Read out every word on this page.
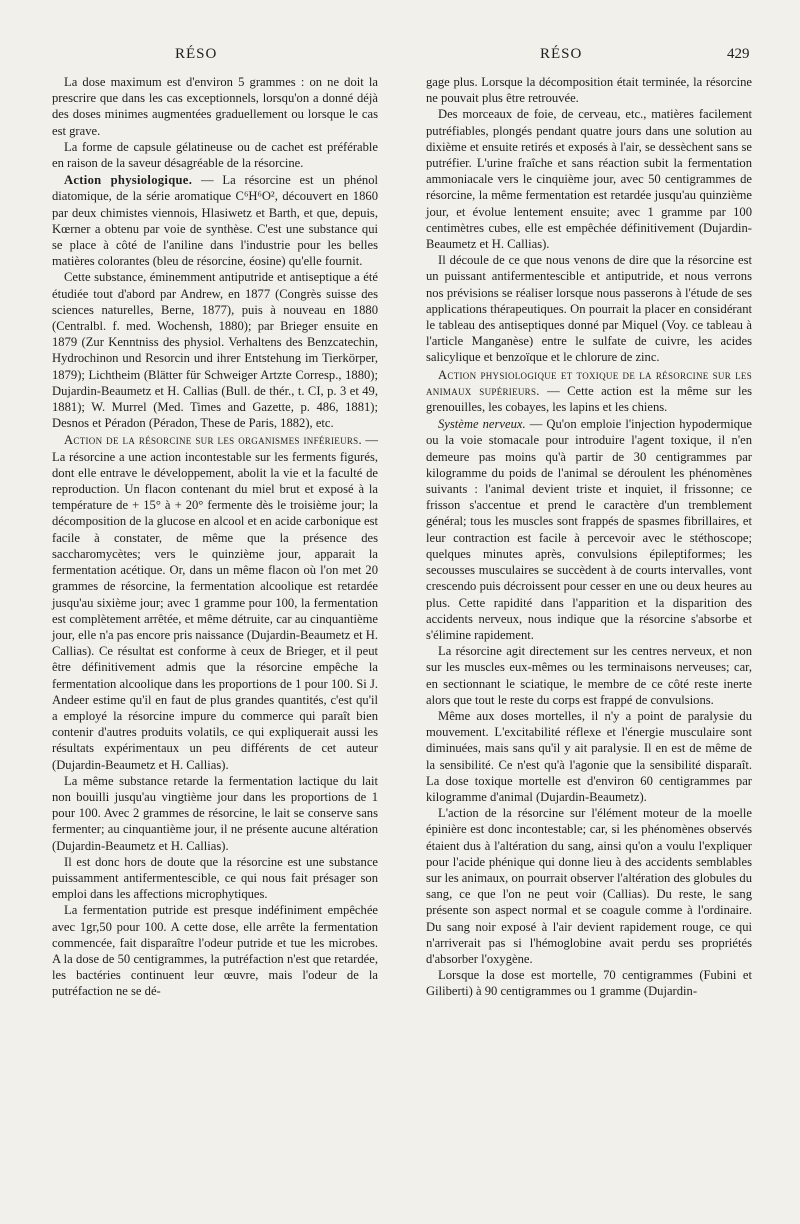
RÉSO	RÉSO	429

La dose maximum est d'environ 5 grammes : on ne doit la prescrire que dans les cas exceptionnels, lorsqu'on a donné déjà des doses minimes augmentées graduellement ou lorsque le cas est grave.

La forme de capsule gélatineuse ou de cachet est préférable en raison de la saveur désagréable de la résorcine.

Action physiologique. — La résorcine est un phénol diatomique, de la série aromatique C⁶H⁶O², découvert en 1860 par deux chimistes viennois, Hlasiwetz et Barth, et que, depuis, Kœrner a obtenu par voie de synthèse. C'est une substance qui se place à côté de l'aniline dans l'industrie pour les belles matières colorantes (bleu de résorcine, éosine) qu'elle fournit.

Cette substance, éminemment antiputride et antiseptique a été étudiée tout d'abord par Andrew, en 1877 (Congrès suisse des sciences naturelles, Berne, 1877), puis à nouveau en 1880 (Centralbl. f. med. Wochensh, 1880); par Brieger ensuite en 1879 (Zur Kenntniss des physiol. Verhaltens des Benzcatechin, Hydrochinon und Resorcin und ihrer Entstehung im Tierkörper, 1879); Lichtheim (Blätter für Schweiger Artzte Corresp., 1880); Dujardin-Beaumetz et H. Callias (Bull. de thér., t. CI, p. 3 et 49, 1881); W. Murrel (Med. Times and Gazette, p. 486, 1881); Desnos et Péradon (Péradon, These de Paris, 1882), etc.

Action de la résorcine sur les organismes inférieurs. — La résorcine a une action incontestable sur les ferments figurés, dont elle entrave le développement, abolit la vie et la faculté de reproduction. Un flacon contenant du miel brut et exposé à la température de + 15° à + 20° fermente dès le troisième jour; la décomposition de la glucose en alcool et en acide carbonique est facile à constater, de même que la présence des saccharomycètes; vers le quinzième jour, apparait la fermentation acétique. Or, dans un même flacon où l'on met 20 grammes de résorcine, la fermentation alcoolique est retardée jusqu'au sixième jour; avec 1 gramme pour 100, la fermentation est complètement arrêtée, et même détruite, car au cinquantième jour, elle n'a pas encore pris naissance (Dujardin-Beaumetz et H. Callias). Ce résultat est conforme à ceux de Brieger, et il peut être définitivement admis que la résorcine empêche la fermentation alcoolique dans les proportions de 1 pour 100. Si J. Andeer estime qu'il en faut de plus grandes quantités, c'est qu'il a employé la résorcine impure du commerce qui paraît bien contenir d'autres produits volatils, ce qui expliquerait aussi les résultats expérimentaux un peu différents de cet auteur (Dujardin-Beaumetz et H. Callias).

La même substance retarde la fermentation lactique du lait non bouilli jusqu'au vingtième jour dans les proportions de 1 pour 100. Avec 2 grammes de résorcine, le lait se conserve sans fermenter; au cinquantième jour, il ne présente aucune altération (Dujardin-Beaumetz et H. Callias).

Il est donc hors de doute que la résorcine est une substance puissamment antifermentescible, ce qui nous fait présager son emploi dans les affections microphytiques.

La fermentation putride est presque indéfiniment empêchée avec 1gr,50 pour 100. A cette dose, elle arrête la fermentation commencée, fait disparaître l'odeur putride et tue les microbes. A la dose de 50 centigrammes, la putréfaction n'est que retardée, les bactéries continuent leur œuvre, mais l'odeur de la putréfaction ne se dé-

gage plus. Lorsque la décomposition était terminée, la résorcine ne pouvait plus être retrouvée.

Des morceaux de foie, de cerveau, etc., matières facilement putréfiables, plongés pendant quatre jours dans une solution au dixième et ensuite retirés et exposés à l'air, se dessèchent sans se putréfier. L'urine fraîche et sans réaction subit la fermentation ammoniacale vers le cinquième jour, avec 50 centigrammes de résorcine, la même fermentation est retardée jusqu'au quinzième jour, et évolue lentement ensuite; avec 1 gramme par 100 centimètres cubes, elle est empêchée définitivement (Dujardin-Beaumetz et H. Callias).

Il découle de ce que nous venons de dire que la résorcine est un puissant antifermentescible et antiputride, et nous verrons nos prévisions se réaliser lorsque nous passerons à l'étude de ses applications thérapeutiques. On pourrait la placer en considérant le tableau des antiseptiques donné par Miquel (Voy. ce tableau à l'article Manganèse) entre le sulfate de cuivre, les acides salicylique et benzoïque et le chlorure de zinc.

Action physiologique et toxique de la résorcine sur les animaux supérieurs. — Cette action est la même sur les grenouilles, les cobayes, les lapins et les chiens.

Système nerveux. — Qu'on emploie l'injection hypodermique ou la voie stomacale pour introduire l'agent toxique, il n'en demeure pas moins qu'à partir de 30 centigrammes par kilogramme du poids de l'animal se déroulent les phénomènes suivants : l'animal devient triste et inquiet, il frissonne; ce frisson s'accentue et prend le caractère d'un tremblement général; tous les muscles sont frappés de spasmes fibrillaires, et leur contraction est facile à percevoir avec le stéthoscope; quelques minutes après, convulsions épileptiformes; les secousses musculaires se succèdent à de courts intervalles, vont crescendo puis décroissent pour cesser en une ou deux heures au plus. Cette rapidité dans l'apparition et la disparition des accidents nerveux, nous indique que la résorcine s'absorbe et s'élimine rapidement.

La résorcine agit directement sur les centres nerveux, et non sur les muscles eux-mêmes ou les terminaisons nerveuses; car, en sectionnant le sciatique, le membre de ce côté reste inerte alors que tout le reste du corps est frappé de convulsions.

Même aux doses mortelles, il n'y a point de paralysie du mouvement. L'excitabilité réflexe et l'énergie musculaire sont diminuées, mais sans qu'il y ait paralysie. Il en est de même de la sensibilité. Ce n'est qu'à l'agonie que la sensibilité disparaît. La dose toxique mortelle est d'environ 60 centigrammes par kilogramme d'animal (Dujardin-Beaumetz).

L'action de la résorcine sur l'élément moteur de la moelle épinière est donc incontestable; car, si les phénomènes observés étaient dus à l'altération du sang, ainsi qu'on a voulu l'expliquer pour l'acide phénique qui donne lieu à des accidents semblables sur les animaux, on pourrait observer l'altération des globules du sang, ce que l'on ne peut voir (Callias). Du reste, le sang présente son aspect normal et se coagule comme à l'ordinaire. Du sang noir exposé à l'air devient rapidement rouge, ce qui n'arriverait pas si l'hémoglobine avait perdu ses propriétés d'absorber l'oxygène.

Lorsque la dose est mortelle, 70 centigrammes (Fubini et Giliberti) à 90 centigrammes ou 1 gramme (Dujardin-
